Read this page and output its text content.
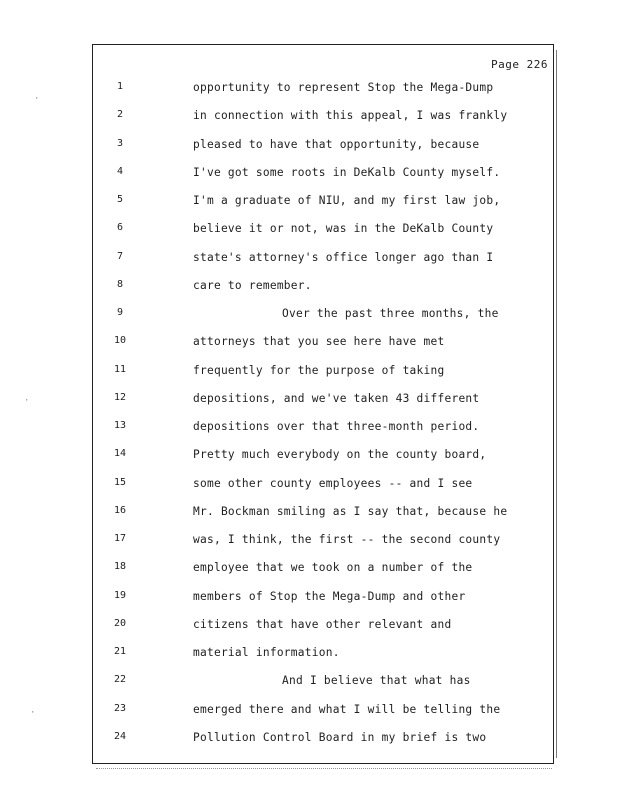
Page 226
1	opportunity to represent Stop the Mega-Dump
2	in connection with this appeal, I was frankly
3	pleased to have that opportunity, because
4	I've got some roots in DeKalb County myself.
5	I'm a graduate of NIU, and my first law job,
6	believe it or not, was in the DeKalb County
7	state's attorney's office longer ago than I
8	care to remember.
9	Over the past three months, the
10	attorneys that you see here have met
11	frequently for the purpose of taking
12	depositions, and we've taken 43 different
13	depositions over that three-month period.
14	Pretty much everybody on the county board,
15	some other county employees -- and I see
16	Mr. Bockman smiling as I say that, because he
17	was, I think, the first -- the second county
18	employee that we took on a number of the
19	members of Stop the Mega-Dump and other
20	citizens that have other relevant and
21	material information.
22	And I believe that what has
23	emerged there and what I will be telling the
24	Pollution Control Board in my brief is two
·
·
·
